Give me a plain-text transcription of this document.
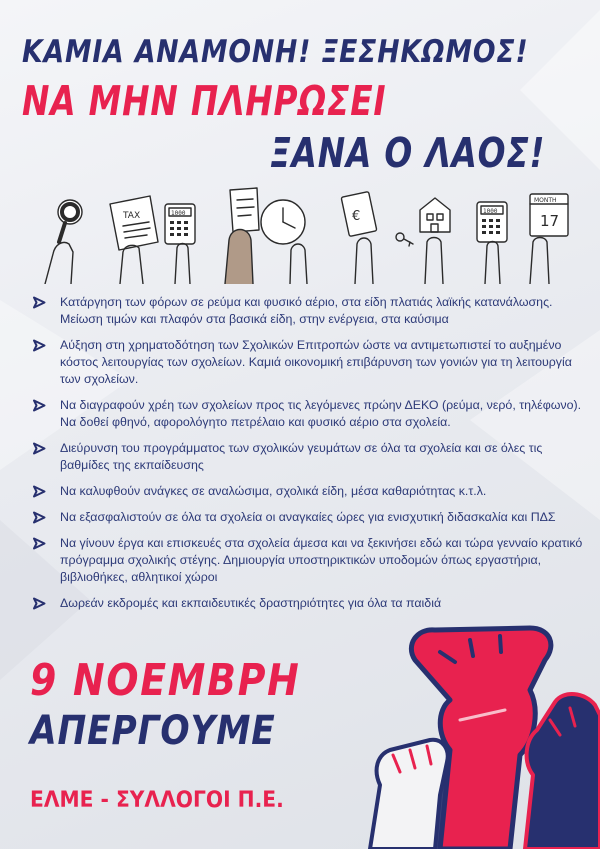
ΚΑΜΙΑ ΑΝΑΜΟΝΗ! ΞΕΣΗΚΩΜΟΣ!
ΝΑ ΜΗΝ ΠΛΗΡΩΣΕΙ
ΞΑΝΑ Ο ΛΑΟΣ!
TAX	1000	€	1000
MONTH
17
Κατάργηση των φόρων σε ρεύμα και φυσικό αέριο, στα είδη πλατιάς λαϊκής κατανάλωσης. Μείωση τιμών και πλαφόν στα βασικά είδη, στην ενέργεια, στα καύσιμα
Αύξηση στη χρηματοδότηση των Σχολικών Επιτροπών ώστε να αντιμετωπιστεί το αυξημένο κόστος λειτουργίας των σχολείων. Καμιά οικονομική επιβάρυνση των γονιών για τη λειτουργία των σχολείων.
Να διαγραφούν χρέη των σχολείων προς τις λεγόμενες πρώην ΔΕΚΟ (ρεύμα, νερό, τηλέφωνο). Να δοθεί φθηνό, αφορολόγητο πετρέλαιο και φυσικό αέριο στα σχολεία.
Διεύρυνση του προγράμματος των σχολικών γευμάτων σε όλα τα σχολεία και σε όλες τις βαθμίδες της εκπαίδευσης
Να καλυφθούν ανάγκες σε αναλώσιμα, σχολικά είδη, μέσα καθαριότητας κ.τ.λ.
Να εξασφαλιστούν σε όλα τα σχολεία οι αναγκαίες ώρες για ενισχυτική διδασκαλία και ΠΔΣ
Να γίνουν έργα και επισκευές στα σχολεία άμεσα και να ξεκινήσει εδώ και τώρα γενναίο κρατικό πρόγραμμα σχολικής στέγης. Δημιουργία υποστηρικτικών υποδομών όπως εργαστήρια, βιβλιοθήκες, αθλητικοί χώροι
Δωρεάν εκδρομές και εκπαιδευτικές δραστηριότητες για όλα τα παιδιά
9 ΝΟΕΜΒΡΗ
ΑΠΕΡΓΟΥΜΕ

ΕΛΜΕ - ΣΥΛΛΟΓΟΙ Π.Ε.
